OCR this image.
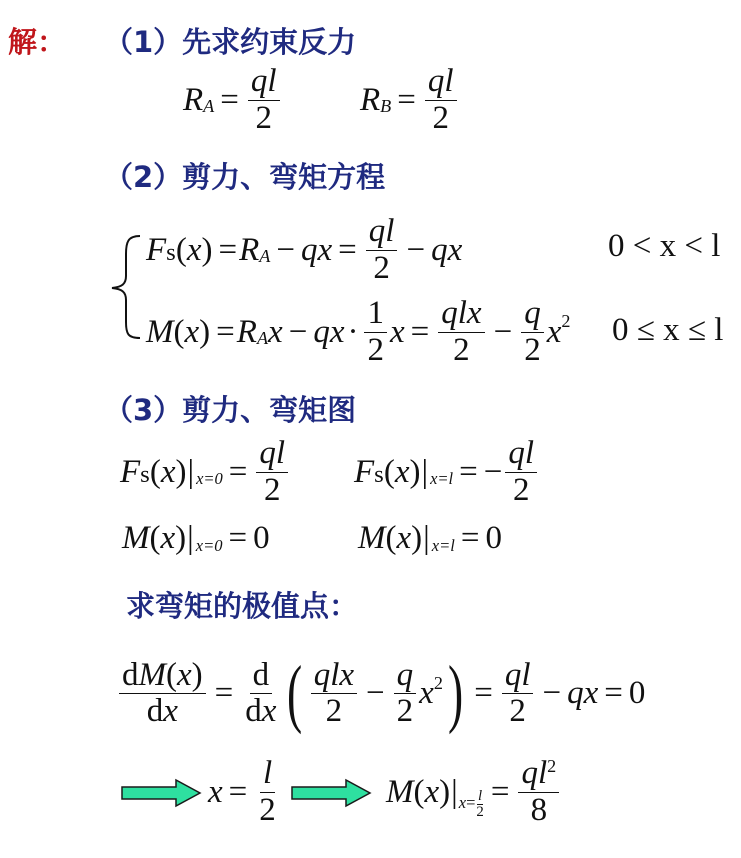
解： （1）先求约束反力
R $A = \frac{ql}{2}$ R $B = \frac{ql}{2}$
（2）剪力、弯矩方程
F s ( x ) = R A − qx = $\frac{ql}{2}$ − qx	0 < x < l
M ( x ) = R A x − qx · $\frac{1}{2}$ $x = \frac{\text{qlx}}{2} - \frac{q}{2}$ x 2 0 ≤ x ≤ l
（3）剪力、弯矩图
F s ( x ) | $x=0 = \frac{ql}{2}$ F s ( x ) | x=l = − $\frac{ql}{2}$
M ( x ) | x=0 = 0	M ( x ) | x=l = 0
求弯矩的极值点：
$\frac{dM(x)}{dx} = \frac{d}{dx}$ ( $\frac{\text{qlx}}{2} - \frac{q}{2}$ x 2 ) = $\frac{ql}{2}$ − qx = 0
$x = \frac{l}{2}$	M ( x ) | $x= \frac{l}{2} = \frac{ql^2}{8}$
